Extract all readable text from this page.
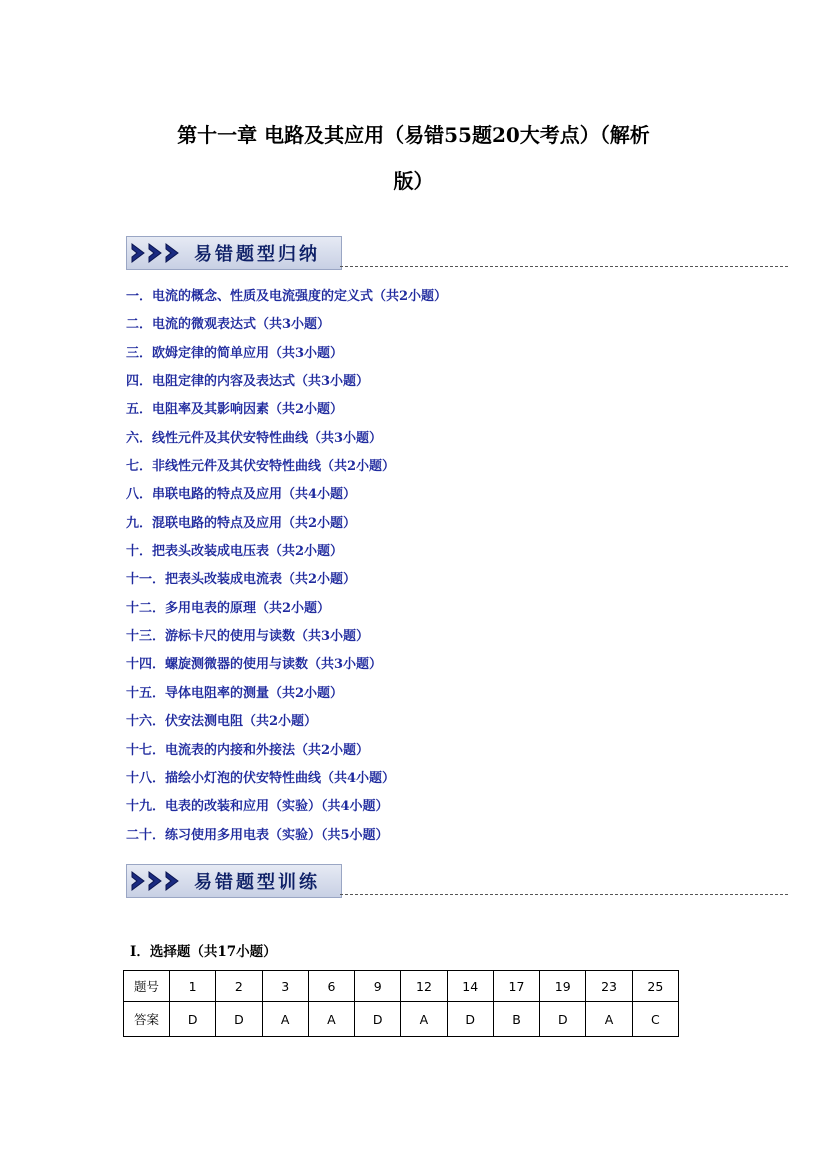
第十一章 电路及其应用（易错55题20大考点）（解析
版）
易错题型归纳
一．电流的概念、性质及电流强度的定义式（共2小题）
二．电流的微观表达式（共3小题）
三．欧姆定律的简单应用（共3小题）
四．电阻定律的内容及表达式（共3小题）
五．电阻率及其影响因素（共2小题）
六．线性元件及其伏安特性曲线（共3小题）
七．非线性元件及其伏安特性曲线（共2小题）
八．串联电路的特点及应用（共4小题）
九．混联电路的特点及应用（共2小题）
十．把表头改装成电压表（共2小题）
十一．把表头改装成电流表（共2小题）
十二．多用电表的原理（共2小题）
十三．游标卡尺的使用与读数（共3小题）
十四．螺旋测微器的使用与读数（共3小题）
十五．导体电阻率的测量（共2小题）
十六．伏安法测电阻（共2小题）
十七．电流表的内接和外接法（共2小题）
十八．描绘小灯泡的伏安特性曲线（共4小题）
十九．电表的改装和应用（实验）（共4小题）
二十．练习使用多用电表（实验）（共5小题）
易错题型训练
Ⅰ．选择题（共17小题）
题号	1	2	3	6	9	12	14	17	19	23	25
答案	D	D	A	A	D	A	D	B	D	A	C
